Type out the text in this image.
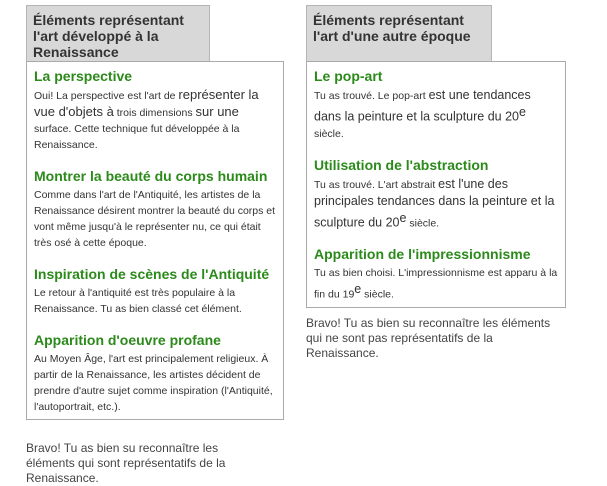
Éléments représentant l'art développé à la Renaissance
La perspective
Oui! La perspective est l'art de représenter la vue d'objets à trois dimensions sur une surface. Cette technique fut développée à la Renaissance.
Montrer la beauté du corps humain
Comme dans l'art de l'Antiquité, les artistes de la Renaissance désirent montrer la beauté du corps et vont même jusqu'à le représenter nu, ce qui était très osé à cette époque.
Inspiration de scènes de l'Antiquité
Le retour à l'antiquité est très populaire à la Renaissance. Tu as bien classé cet élément.
Apparition d'oeuvre profane
Au Moyen Âge, l'art est principalement religieux. À partir de la Renaissance, les artistes décident de prendre d'autre sujet comme inspiration (l'Antiquité, l'autoportrait, etc.).
Bravo! Tu as bien su reconnaître les éléments qui sont représentatifs de la Renaissance.
Éléments représentant l'art d'une autre époque
Le pop-art
Tu as trouvé. Le pop-art est une tendances dans la peinture et la sculpture du 20e siècle.
Utilisation de l'abstraction
Tu as trouvé. L'art abstrait est l'une des principales tendances dans la peinture et la sculpture du 20e siècle.
Apparition de l'impressionnisme
Tu as bien choisi. L'impressionnisme est apparu à la fin du 19e siècle.
Bravo! Tu as bien su reconnaître les éléments qui ne sont pas représentatifs de la Renaissance.
